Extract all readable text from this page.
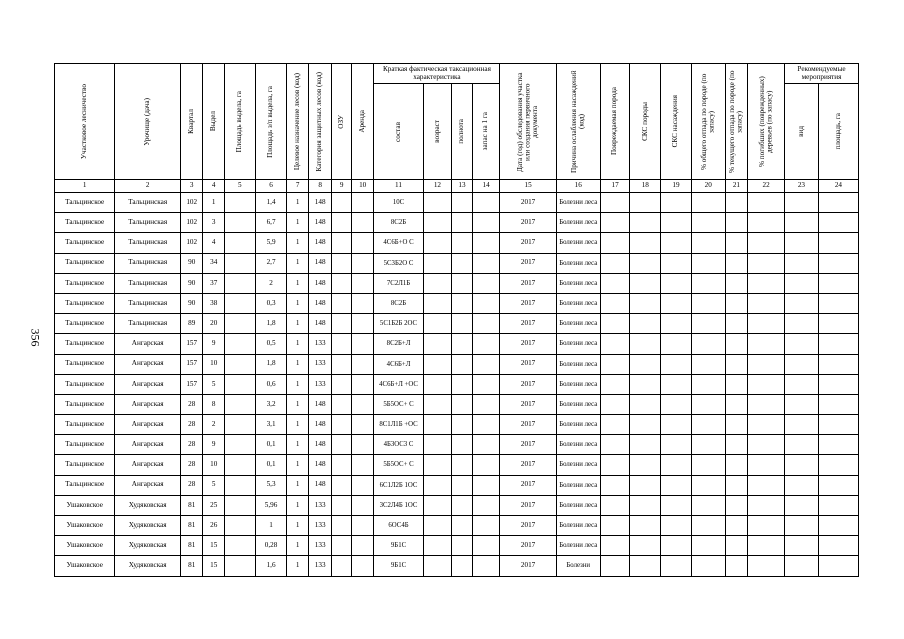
356
Участковое лесничество	Урочище (дача)	Квартал	Выдел	Площадь выдела, га	Площадь з/п выдела, га	Целевое назначение лесов (код)	Категория защитных лесов (код)	ОЗУ	Аренда	Краткая фактическая таксационная характеристика				Дата (год) обследования участка или создания первичного документа	Причина ослабления насаждений (код)	Повреждаемая порода	СКС породы	СКС насаждения	% общего отпада по породе (по запасу)	% текущего отпада по породе (по запасу)	% погибших (поврежденных) деревьев (по запасу)	Рекомендуемые мероприятия	

										состав	возраст	полнота	запас на 1 га									вид	площадь, га

1	2	3	4	5	6	7	8	9	10	11	12	13	14	15	16	17	18	19	20	21	22	23	24
Тальцинское	Тальцинская	102	1		1,4	1	148			10С				2017	Болезни леса								
Тальцинское	Тальцинская	102	3		6,7	1	148			8С2Б				2017	Болезни леса								
Тальцинское	Тальцинская	102	4		5,9	1	148			4С6Б+О С				2017	Болезни леса								
Тальцинское	Тальцинская	90	34		2,7	1	148			5С3Б2О С				2017	Болезни леса								
Тальцинское	Тальцинская	90	37		2	1	148			7С2Л1Б				2017	Болезни леса								
Тальцинское	Тальцинская	90	38		0,3	1	148			8С2Б				2017	Болезни леса								
Тальцинское	Тальцинская	89	20		1,8	1	148			5С1Б2Б 2ОС				2017	Болезни леса								
Тальцинское	Ангарская	157	9		0,5	1	133			8С2Б+Л				2017	Болезни леса								
Тальцинское	Ангарская	157	10		1,8	1	133			4С6Б+Л				2017	Болезни леса								
Тальцинское	Ангарская	157	5		0,6	1	133			4С6Б+Л +ОС				2017	Болезни леса								
Тальцинское	Ангарская	28	8		3,2	1	148			5Б5ОС+ С				2017	Болезни леса								
Тальцинское	Ангарская	28	2		3,1	1	148			8С1Л1Б +ОС				2017	Болезни леса								
Тальцинское	Ангарская	28	9		0,1	1	148			4Б3ОС3 С				2017	Болезни леса								
Тальцинское	Ангарская	28	10		0,1	1	148			5Б5ОС+ С				2017	Болезни леса								
Тальцинское	Ангарская	28	5		5,3	1	148			6С1Л2Б 1ОС				2017	Болезни леса								
Ушаковское	Худяковская	81	25		5,96	1	133			3С2Л4Б 1ОС				2017	Болезни леса								
Ушаковское	Худяковская	81	26		1	1	133			6ОС4Б				2017	Болезни леса								
Ушаковское	Худяковская	81	15		0,28	1	133			9Б1С				2017	Болезни леса								
Ушаковское	Худяковская	81	15		1,6	1	133			9Б1С				2017	Болезни								
